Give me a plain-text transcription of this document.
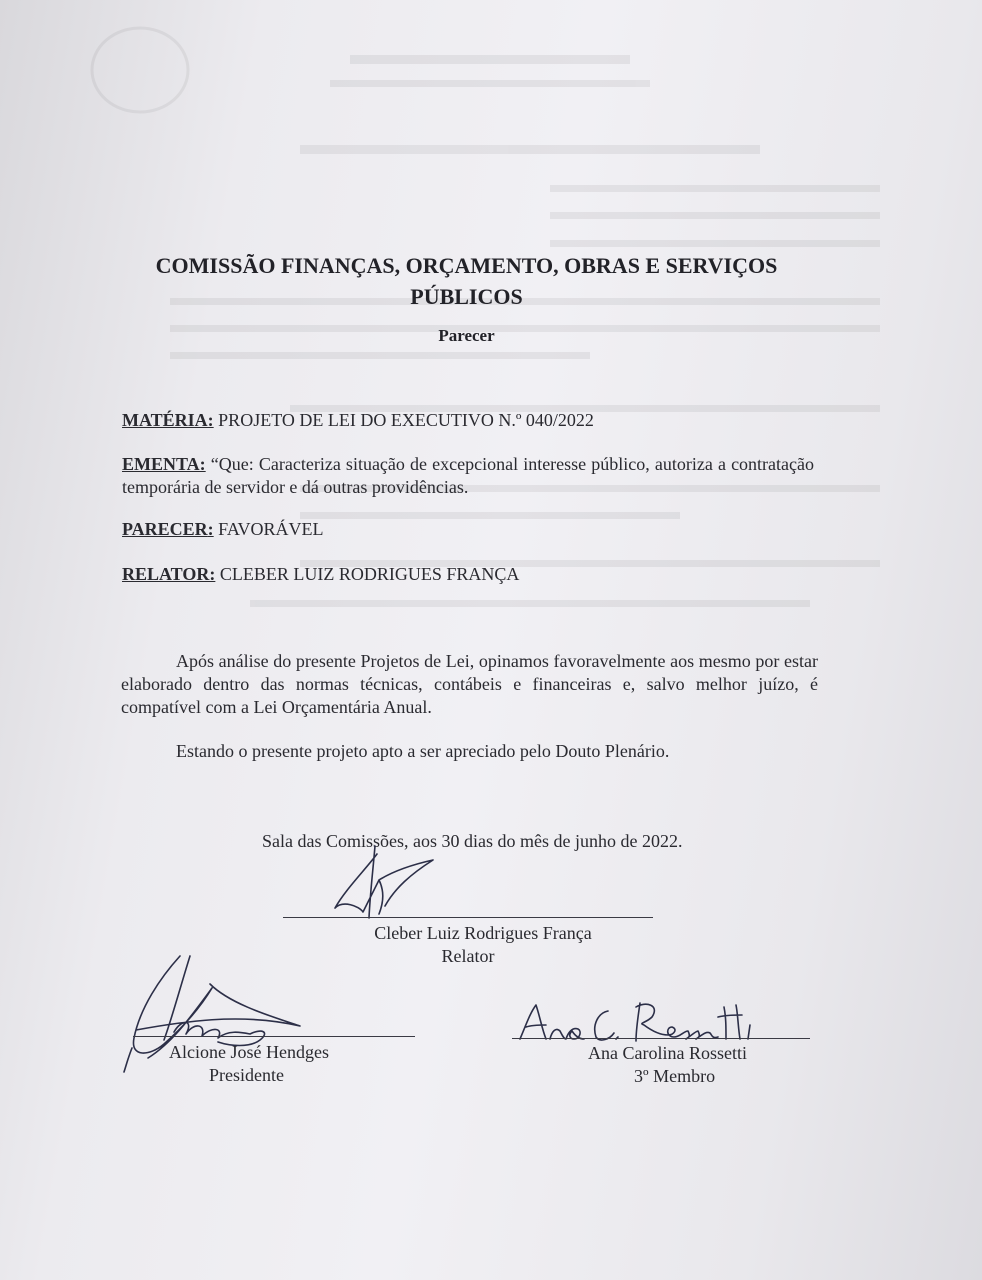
COMISSÃO FINANÇAS, ORÇAMENTO, OBRAS E SERVIÇOS PÚBLICOS
Parecer
MATÉRIA: PROJETO DE LEI DO EXECUTIVO N.º 040/2022
EMENTA: “Que: Caracteriza situação de excepcional interesse público, autoriza a contratação temporária de servidor e dá outras providências.
PARECER: FAVORÁVEL
RELATOR: CLEBER LUIZ RODRIGUES FRANÇA
Após análise do presente Projetos de Lei, opinamos favoravelmente aos mesmo por estar elaborado dentro das normas técnicas, contábeis e financeiras e, salvo melhor juízo, é compatível com a Lei Orçamentária Anual.
Estando o presente projeto apto a ser apreciado pelo Douto Plenário.
Sala das Comissões, aos 30 dias do mês de junho de 2022.
Cleber Luiz Rodrigues França
Relator
Alcione José Hendges
Presidente
Ana Carolina Rossetti
3º Membro
